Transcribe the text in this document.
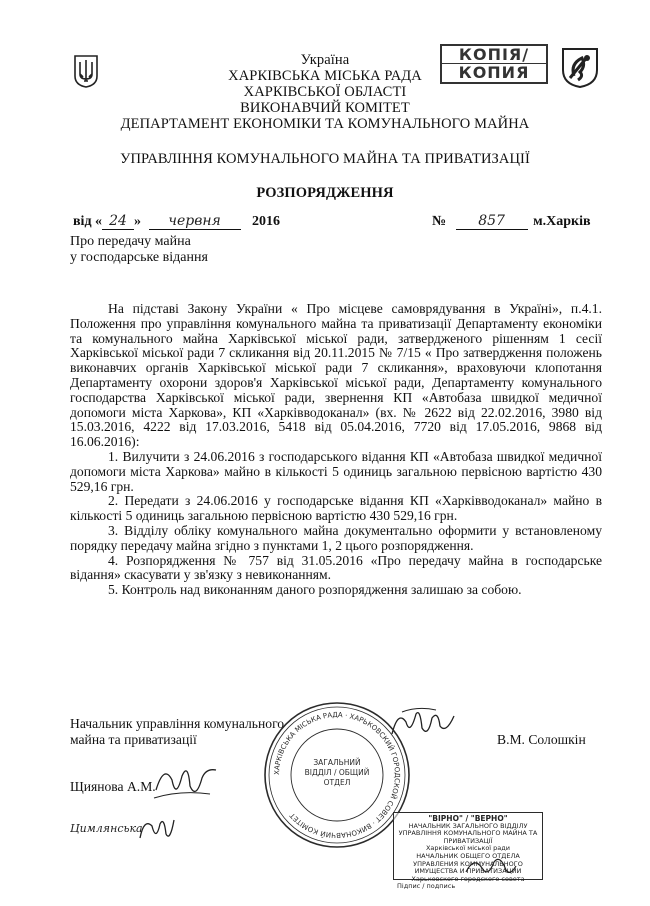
КОПІЯ/
КОПИЯ
Україна
ХАРКІВСЬКА МІСЬКА РАДА
ХАРКІВСЬКОЇ ОБЛАСТІ
ВИКОНАВЧИЙ КОМІТЕТ
ДЕПАРТАМЕНТ ЕКОНОМІКИ ТА КОМУНАЛЬНОГО МАЙНА
УПРАВЛІННЯ КОМУНАЛЬНОГО МАЙНА ТА ПРИВАТИЗАЦІЇ
РОЗПОРЯДЖЕННЯ
від « 24 » червня 2016	№ 857 м.Харків
Про передачу майна
у господарське відання
На підставі Закону України « Про місцеве самоврядування в Україні», п.4.1. Положення про управління комунального майна та приватизації Департаменту економіки та комунального майна Харківської міської ради, затвердженого рішенням 1 сесії Харківської міської ради 7 скликання від 20.11.2015 № 7/15 « Про затвердження положень виконавчих органів Харківської міської ради 7 скликання», враховуючи клопотання Департаменту охорони здоров'я Харківської міської ради, Департаменту комунального господарства Харківської міської ради, звернення КП «Автобаза швидкої медичної допомоги міста Харкова», КП «Харківводоканал» (вх. № 2622 від 22.02.2016, 3980 від 15.03.2016, 4222 від 17.03.2016, 5418 від 05.04.2016, 7720 від 17.05.2016, 9868 від 16.06.2016):
1. Вилучити з 24.06.2016 з господарського відання КП «Автобаза швидкої медичної допомоги міста Харкова» майно в кількості 5 одиниць загальною первісною вартістю 430 529,16 грн.
2. Передати з 24.06.2016 у господарське відання КП «Харківводоканал» майно в кількості 5 одиниць загальною первісною вартістю 430 529,16 грн.
3. Відділу обліку комунального майна документально оформити у встановленому порядку передачу майна згідно з пунктами 1, 2 цього розпорядження.
4. Розпорядження № 757 від 31.05.2016 «Про передачу майна в господарське відання» скасувати у зв'язку з невиконанням.
5. Контроль над виконанням даного розпорядження залишаю за собою.
Начальник управління комунального
майна та приватизації	В.М. Солошкін
Щиянова А.М.
Цимлянська
ХАРКІВСЬКА МІСЬКА РАДА · ХАРЬКОВСКИЙ ГОРОДСКОЙ СОВЕТ · ВИКОНАВЧИЙ КОМІТЕТ
ЗАГАЛЬНИЙ ВІДДІЛ / ОБЩИЙ ОТДЕЛ
"ВІРНО" / "ВЕРНО"
НАЧАЛЬНИК ЗАГАЛЬНОГО ВІДДІЛУ
УПРАВЛІННЯ КОМУНАЛЬНОГО МАЙНА ТА ПРИВАТИЗАЦІЇ
Харківської міської ради
НАЧАЛЬНИК ОБЩЕГО ОТДЕЛА
УПРАВЛЕНИЯ КОММУНАЛЬНОГО ИМУЩЕСТВА И ПРИВАТИЗАЦИИ
Харьковского городского совета
Підпис / подпись
